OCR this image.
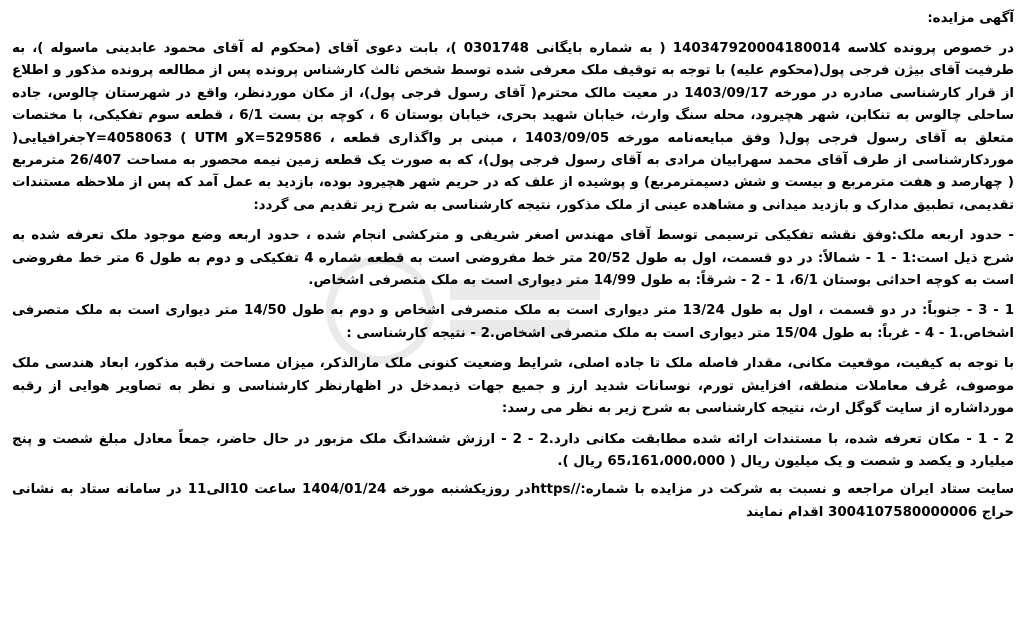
آگهی مزایده:
در خصوص پرونده کلاسه 14034792000418001‌4 ( به شماره بایگانی 0301748 )، بابت دعوی آقای (محکوم له آقای محمود عابدینی ماسوله )، به طرفیت آقای بیژن فرجی پول(محکوم علیه) با توجه به توقیف ملک معرفی شده توسط شخص ثالث کارشناس پرونده پس از مطالعه پرونده مذکور و اطلاع از قرار کارشناسی صادره در مورخه 1403/09/17 در معیت مالک محترم( آقای رسول فرجی پول)، از مکان موردنظر، واقع در شهرستان چالوس، جاده ساحلی چالوس به تنکابن، شهر هچیرود، محله سنگ وارث، خیابان شهید بحری، خیابان بوستان 6 ، کوچه بن بست 6/1 ، قطعه سوم تفکیکی، با مختصات متعلق به آقای رسول فرجی پول( وفق مبایعه‌نامه مورخه 1403/09/05 ، مبنی بر واگذاری قطعه ، X=529586و Y=4058063 ( UTMجغرافیایی( موردکارشناسی از طرف آقای محمد سهرابیان مرادی به آقای رسول فرجی پول)، که به صورت یک قطعه زمین نیمه محصور به مساحت 26/407 مترمربع ( چهارصد و هفت مترمربع و بیست و شش دسیمترمربع) و پوشیده از علف که در حریم شهر هچیرود بوده، بازدید به عمل آمد که پس از ملاحظه مستندات تقدیمی، تطبیق مدارک و بازدید میدانی و مشاهده عینی از ملک مذکور، نتیجه کارشناسی به شرح زیر تقدیم می گردد:
- حدود اربعه ملک:وفق نقشه تفکیکی ترسیمی توسط آقای مهندس اصغر شریفی و مترکشی انجام شده ، حدود اربعه وضع موجود ملک تعرفه شده به شرح ذیل است:1 - 1 - شمالاً: در دو قسمت، اول به طول 20/52 متر خط مفروضی است به قطعه شماره 4 تفکیکی و دوم به طول 6 متر خط مفروضی است به کوچه احداثی بوستان 6/1، 1 - 2 - شرقاً: به طول 14/99 متر دیواری است به ملک متصرفی اشخاص.
1 - 3 - جنوباً: در دو قسمت ، اول به طول 13/24 متر دیواری است به ملک متصرفی اشخاص و دوم به طول 14/50 متر دیواری است به ملک متصرفی اشخاص.1 - 4 - غرباً: به طول 15/04 متر دیواری است به ملک متصرفی اشخاص.2 - نتیجه کارشناسی :
با توجه به کیفیت، موقعیت مکانی، مقدار فاصله ملک تا جاده اصلی، شرایط وضعیت کنونی ملک مارالذکر، میزان مساحت رقبه مذکور، ابعاد هندسی ملک موصوف، عُرف معاملات منطقه، افزایش تورم، نوسانات شدید ارز و جمیع جهات ذیمدخل در اظهارنظر کارشناسی و نظر به تصاویر هوایی از رقبه مورداشاره از سایت گوگل ارث، نتیجه کارشناسی به شرح زیر به نظر می رسد:
2 - 1 - مکان تعرفه شده، با مستندات ارائه شده مطابقت مکانی دارد.2 - 2 - ارزش ششدانگ ملک مزبور در حال حاضر، جمعاً معادل مبلغ شصت و پنج میلیارد و یکصد و شصت و یک میلیون ریال ( 65،161،000،000 ریال ).
سایت ستاد ایران مراجعه و نسبت به شرکت در مزایده با شماره://httpsدر روزیکشنبه مورخه 1404/01/24 ساعت 10الی11 در سامانه ستاد به نشانی حراج 3004107580000006 اقدام نمایند
